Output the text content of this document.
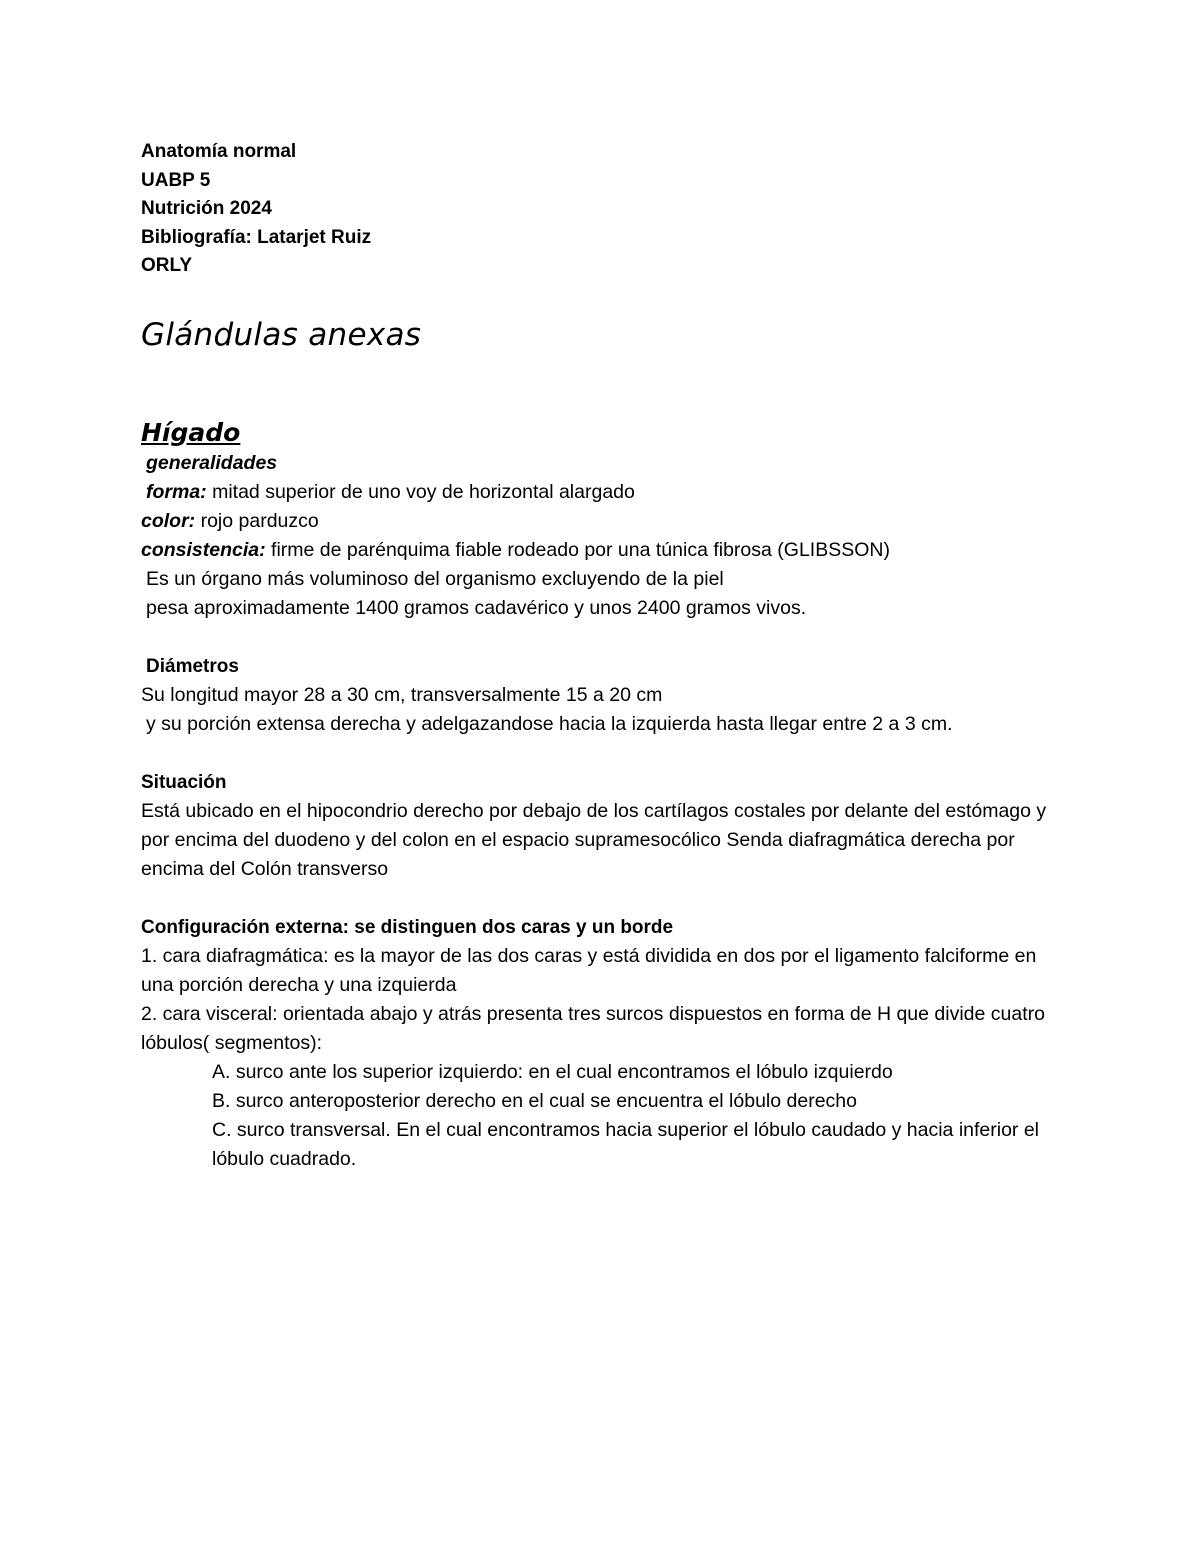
Anatomía normal
UABP 5
Nutrición 2024
Bibliografía: Latarjet Ruiz
ORLY
Glándulas anexas
Hígado
generalidades
forma: mitad superior de uno voy de horizontal alargado
color: rojo parduzco
consistencia: firme de parénquima fiable rodeado por una túnica fibrosa (GLIBSSON)
Es un órgano más voluminoso del organismo excluyendo de la piel
pesa aproximadamente 1400 gramos cadavérico y unos 2400 gramos vivos.
Diámetros
Su longitud mayor 28 a 30 cm, transversalmente 15 a 20 cm
y su porción extensa derecha y adelgazandose hacia la izquierda hasta llegar entre 2 a 3 cm.
Situación
Está ubicado en el hipocondrio derecho por debajo de los cartílagos costales por delante del estómago y por encima del duodeno y del colon en el espacio supramesocólico Senda diafragmática derecha por encima del Colón transverso
Configuración externa: se distinguen dos caras y un borde
1. cara diafragmática: es la mayor de las dos caras y está dividida en dos por el ligamento falciforme en una porción derecha y una izquierda
2. cara visceral: orientada abajo y atrás presenta tres surcos dispuestos en forma de H que divide cuatro lóbulos( segmentos):
A. surco ante los superior izquierdo: en el cual encontramos el lóbulo izquierdo
B. surco anteroposterior derecho en el cual se encuentra el lóbulo derecho
C. surco transversal. En el cual encontramos hacia superior el lóbulo caudado y hacia inferior el lóbulo cuadrado.
